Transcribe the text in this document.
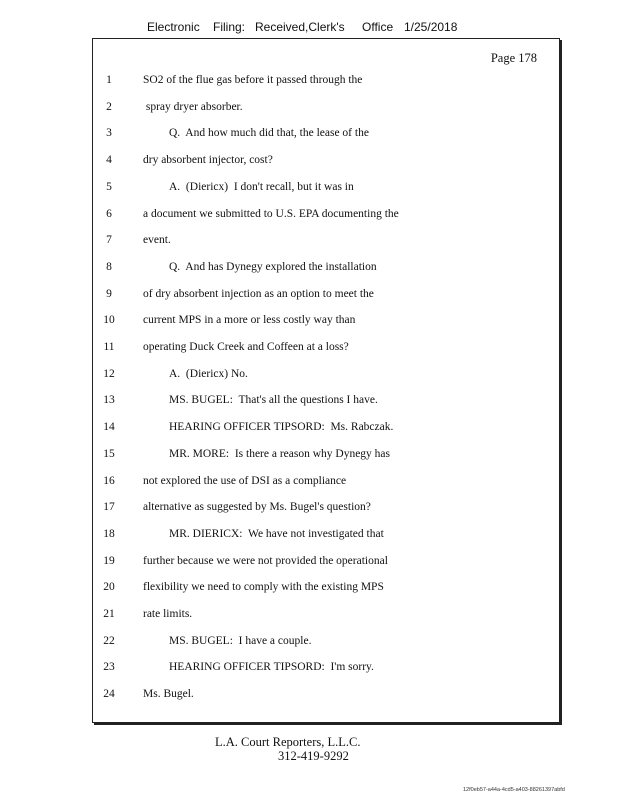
Electronic Filing: Received,Clerk's Office 1/25/2018
Page 178
1	SO2 of the flue gas before it passed through the
2	spray dryer absorber.
3	Q.  And how much did that, the lease of the
4	dry absorbent injector, cost?
5	A.  (Diericx)  I don't recall, but it was in
6	a document we submitted to U.S. EPA documenting the
7	event.
8	Q.  And has Dynegy explored the installation
9	of dry absorbent injection as an option to meet the
10	current MPS in a more or less costly way than
11	operating Duck Creek and Coffeen at a loss?
12	A.  (Diericx) No.
13	MS. BUGEL:  That's all the questions I have.
14	HEARING OFFICER TIPSORD:  Ms. Rabczak.
15	MR. MORE:  Is there a reason why Dynegy has
16	not explored the use of DSI as a compliance
17	alternative as suggested by Ms. Bugel's question?
18	MR. DIERICX:  We have not investigated that
19	further because we were not provided the operational
20	flexibility we need to comply with the existing MPS
21	rate limits.
22	MS. BUGEL:  I have a couple.
23	HEARING OFFICER TIPSORD:  I'm sorry.
24	Ms. Bugel.
L.A. Court Reporters, L.L.C.
312-419-9292
12f0eb57-a44a-4cd5-a403-88261397abfd
